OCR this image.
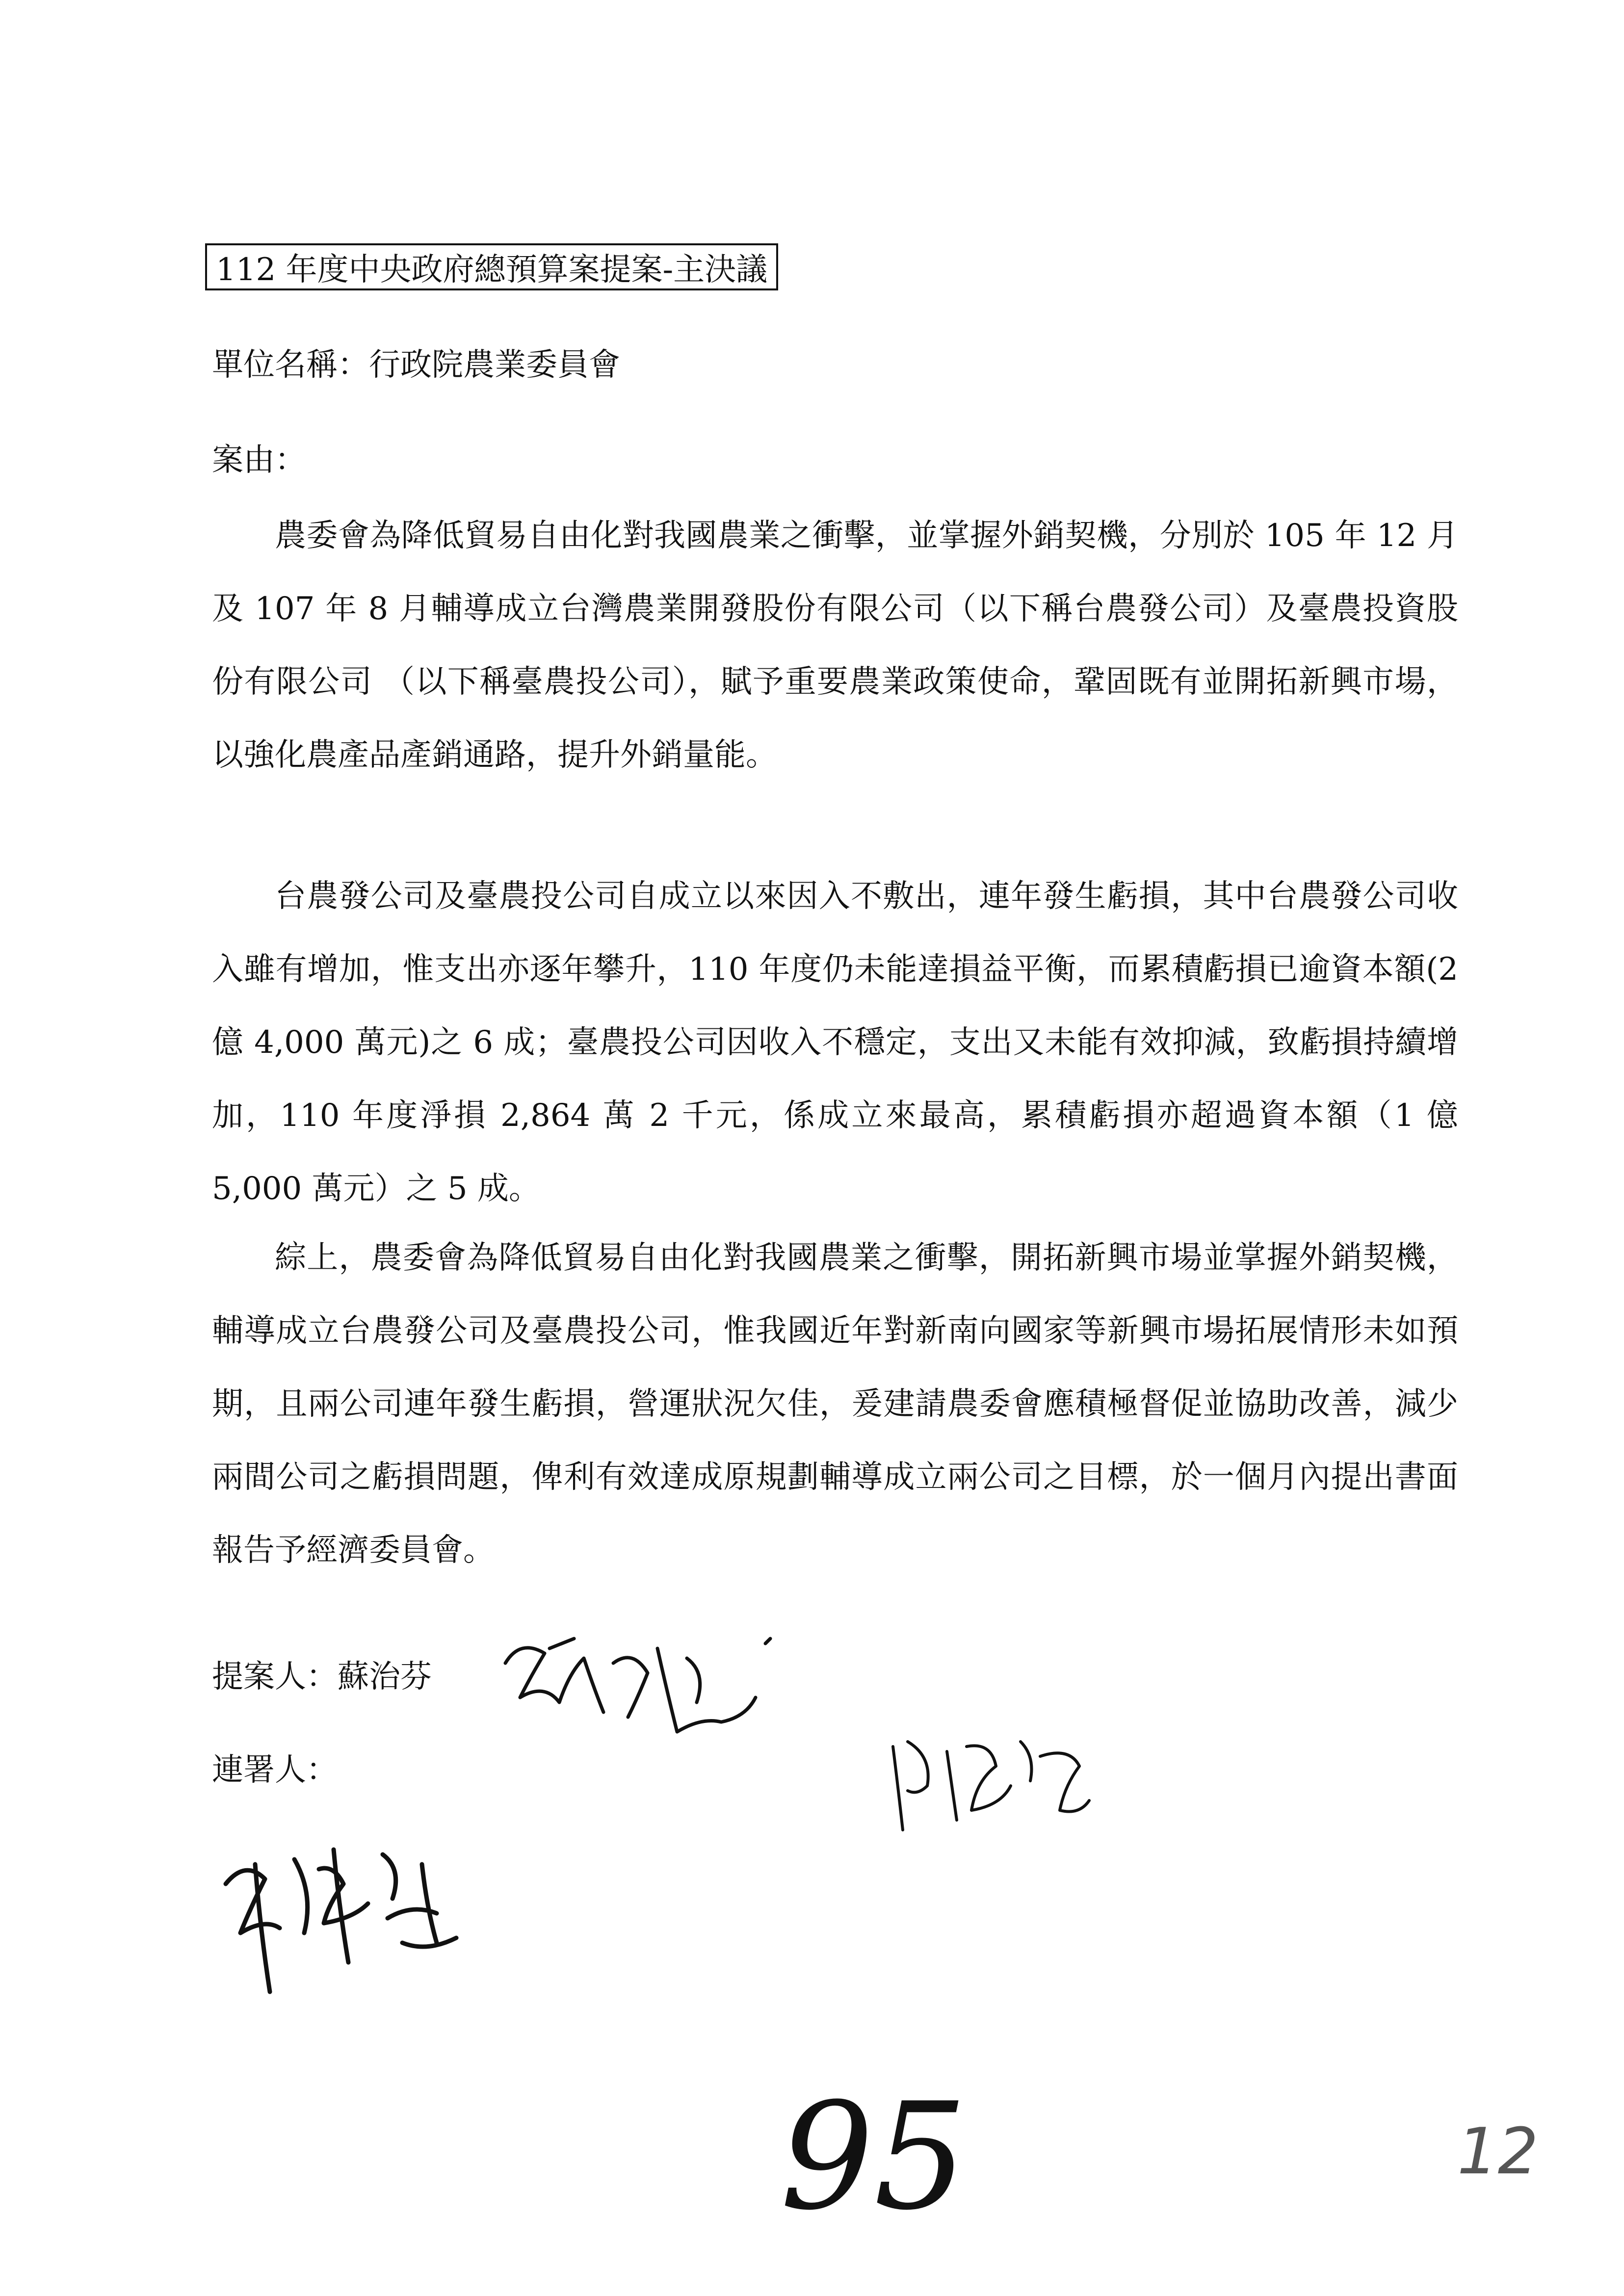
112 年度中央政府總預算案提案-主決議
單位名稱：行政院農業委員會
案由：

農委會為降低貿易自由化對我國農業之衝擊，並掌握外銷契機，分別於 105 年 12 月及 107 年 8 月輔導成立台灣農業開發股份有限公司（以下稱台農發公司）及臺農投資股份有限公司 （以下稱臺農投公司），賦予重要農業政策使命，鞏固既有並開拓新興市場，以強化農產品產銷通路，提升外銷量能。

台農發公司及臺農投公司自成立以來因入不敷出，連年發生虧損，其中台農發公司收入雖有增加，惟支出亦逐年攀升，110 年度仍未能達損益平衡，而累積虧損已逾資本額(2 億 4,000 萬元)之 6 成；臺農投公司因收入不穩定，支出又未能有效抑減，致虧損持續增加，110 年度淨損 2,864 萬 2 千元，係成立來最高，累積虧損亦超過資本額（1 億 5,000 萬元）之 5 成。

綜上，農委會為降低貿易自由化對我國農業之衝擊，開拓新興市場並掌握外銷契機，輔導成立台農發公司及臺農投公司，惟我國近年對新南向國家等新興市場拓展情形未如預期，且兩公司連年發生虧損，營運狀況欠佳，爰建請農委會應積極督促並協助改善，減少兩間公司之虧損問題，俾利有效達成原規劃輔導成立兩公司之目標，於一個月內提出書面報告予經濟委員會。

提案人：蘇治芬
連署人：
95	12
